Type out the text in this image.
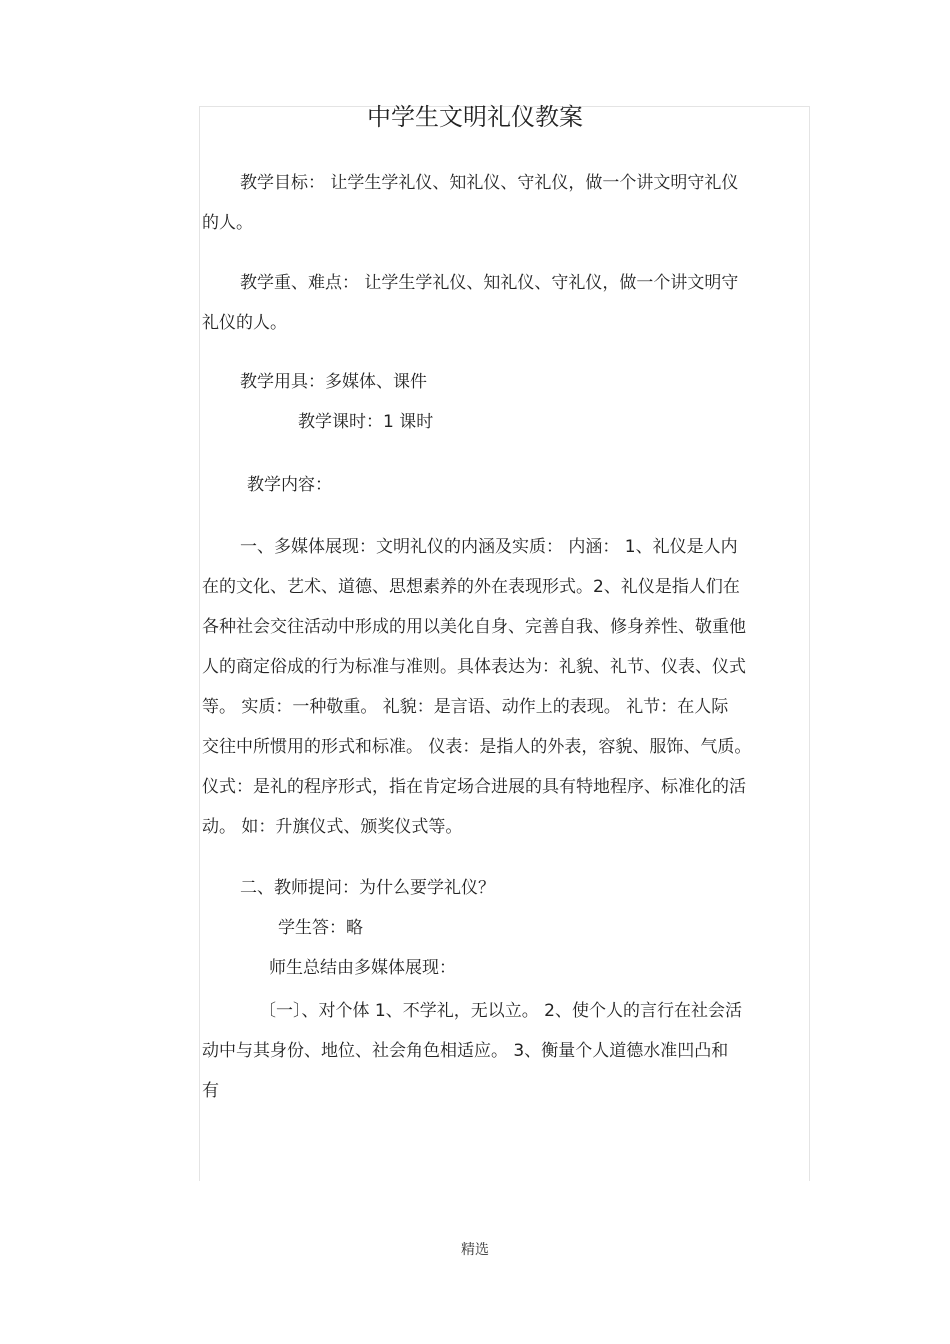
中学生文明礼仪教案
教学目标： 让学生学礼仪、知礼仪、守礼仪，做一个讲文明守礼仪
的人。
教学重、难点： 让学生学礼仪、知礼仪、守礼仪，做一个讲文明守
礼仪的人。
教学用具：多媒体、课件
教学课时：1 课时
教学内容：
一、多媒体展现：文明礼仪的内涵及实质： 内涵： 1、礼仪是人内
在的文化、艺术、道德、思想素养的外在表现形式。2、礼仪是指人们在
各种社会交往活动中形成的用以美化自身、完善自我、修身养性、敬重他
人的商定俗成的行为标准与准则。具体表达为：礼貌、礼节、仪表、仪式
等。 实质：一种敬重。 礼貌：是言语、动作上的表现。 礼节：在人际
交往中所惯用的形式和标准。 仪表：是指人的外表，容貌、服饰、气质。
仪式：是礼的程序形式，指在肯定场合进展的具有特地程序、标准化的活
动。 如：升旗仪式、颁奖仪式等。
二、教师提问：为什么要学礼仪？
学生答：略
师生总结由多媒体展现：
〔一〕、对个体 1、不学礼，无以立。 2、使个人的言行在社会活
动中与其身份、地位、社会角色相适应。 3、衡量个人道德水准凹凸和
有
精选
